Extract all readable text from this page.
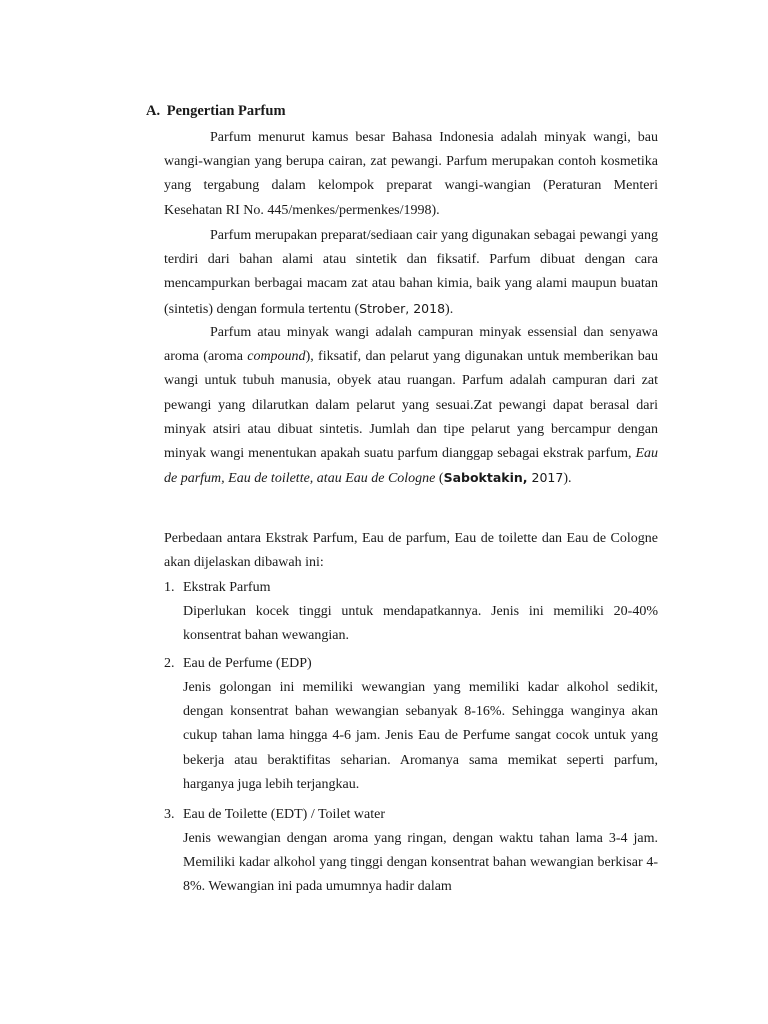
A. Pengertian Parfum

Parfum menurut kamus besar Bahasa Indonesia adalah minyak wangi, bau wangi-wangian yang berupa cairan, zat pewangi. Parfum merupakan contoh kosmetika yang tergabung dalam kelompok preparat wangi-wangian (Peraturan Menteri Kesehatan RI No. 445/menkes/permenkes/1998).

Parfum merupakan preparat/sediaan cair yang digunakan sebagai pewangi yang terdiri dari bahan alami atau sintetik dan fiksatif. Parfum dibuat dengan cara mencampurkan berbagai macam zat atau bahan kimia, baik yang alami maupun buatan (sintetis) dengan formula tertentu (Strober, 2018).

Parfum atau minyak wangi adalah campuran minyak essensial dan senyawa aroma (aroma compound), fiksatif, dan pelarut yang digunakan untuk memberikan bau wangi untuk tubuh manusia, obyek atau ruangan. Parfum adalah campuran dari zat pewangi yang dilarutkan dalam pelarut yang sesuai.Zat pewangi dapat berasal dari minyak atsiri atau dibuat sintetis. Jumlah dan tipe pelarut yang bercampur dengan minyak wangi menentukan apakah suatu parfum dianggap sebagai ekstrak parfum, Eau de parfum, Eau de toilette, atau Eau de Cologne (Saboktakin, 2017).

Perbedaan antara Ekstrak Parfum, Eau de parfum, Eau de toilette dan Eau de Cologne akan dijelaskan dibawah ini:

1. Ekstrak Parfum

Diperlukan kocek tinggi untuk mendapatkannya. Jenis ini memiliki 20-40% konsentrat bahan wewangian.

2. Eau de Perfume (EDP)

Jenis golongan ini memiliki wewangian yang memiliki kadar alkohol sedikit, dengan konsentrat bahan wewangian sebanyak 8-16%. Sehingga wanginya akan cukup tahan lama hingga 4-6 jam. Jenis Eau de Perfume sangat cocok untuk yang bekerja atau beraktifitas seharian. Aromanya sama memikat seperti parfum, harganya juga lebih terjangkau.

3. Eau de Toilette (EDT) / Toilet water

Jenis wewangian dengan aroma yang ringan, dengan waktu tahan lama 3-4 jam. Memiliki kadar alkohol yang tinggi dengan konsentrat bahan wewangian berkisar 4-8%. Wewangian ini pada umumnya hadir dalam
